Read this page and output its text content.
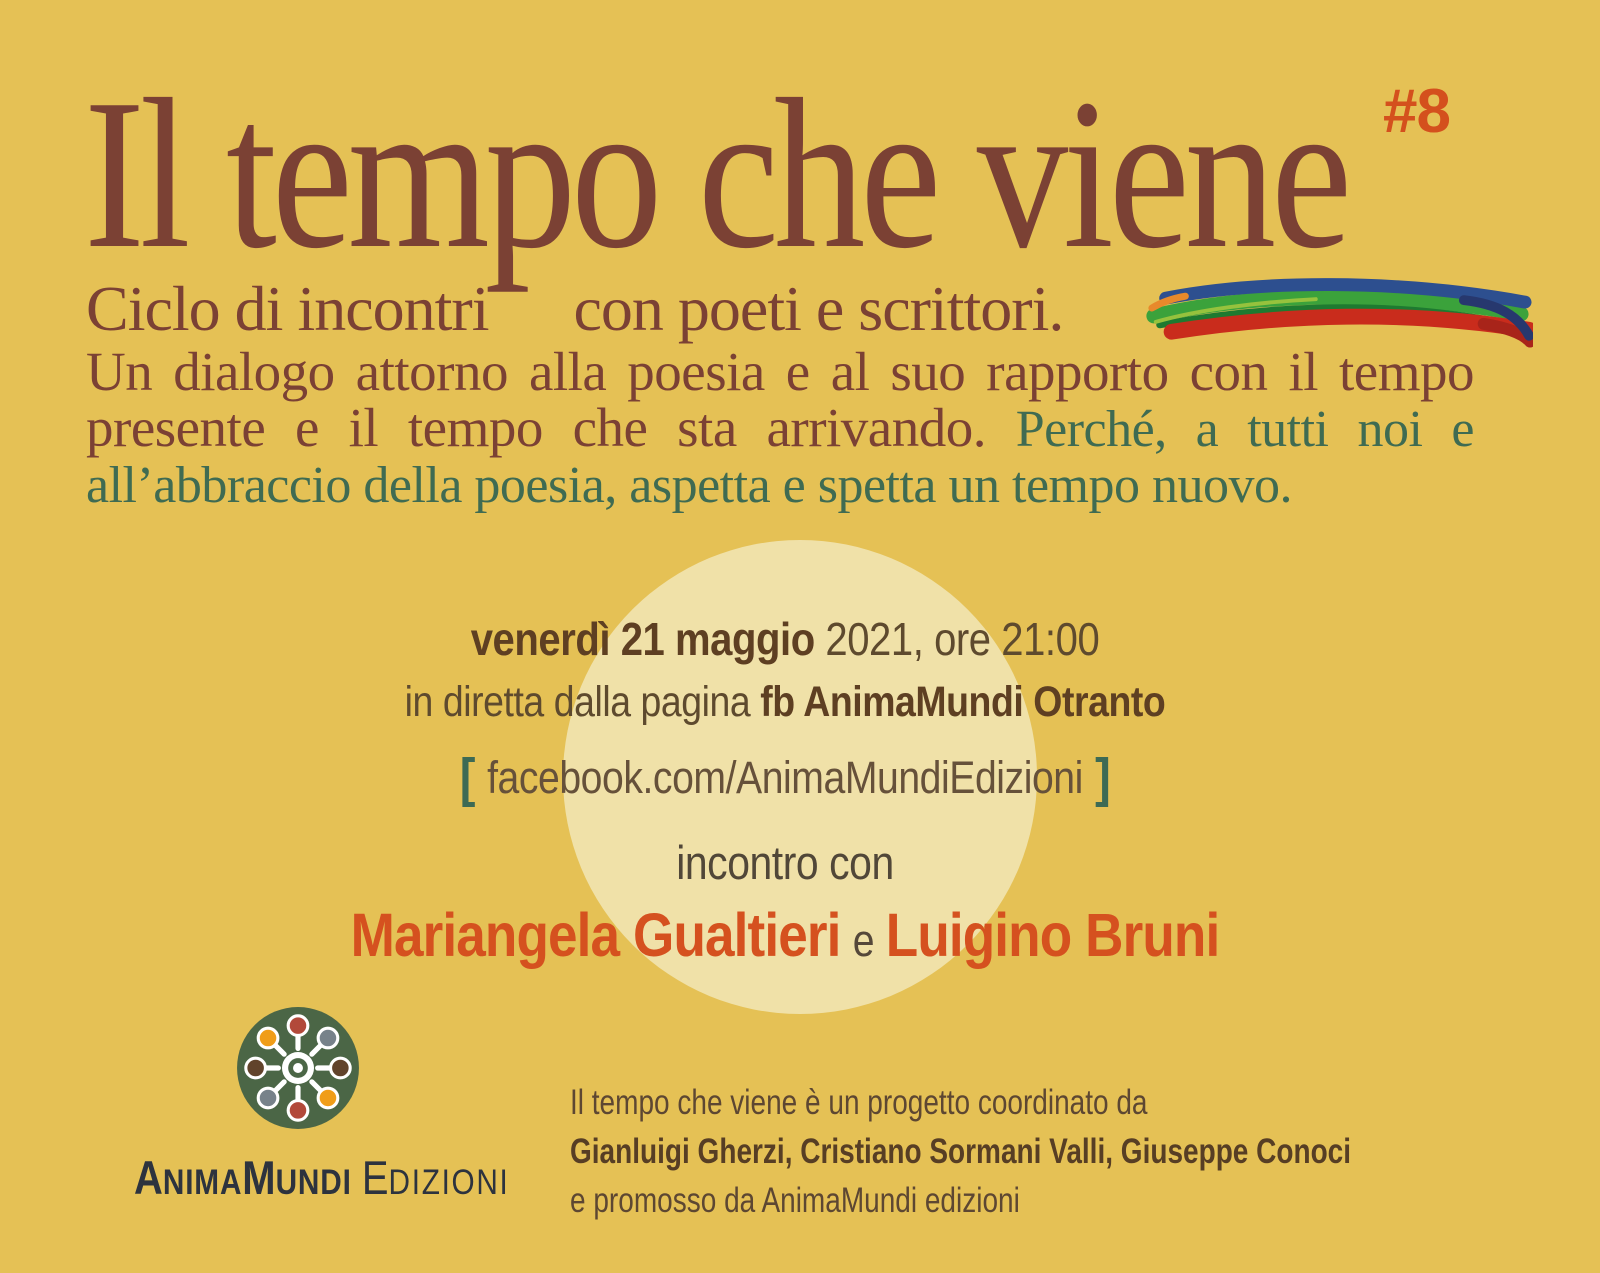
Il tempo che viene #8
Ciclo di incontri con poeti e scrittori.

Un dialogo attorno alla poesia e al suo rapporto con il tempo presente e il tempo che sta arrivando. Perché, a tutti noi e all’abbraccio della poesia, aspetta e spetta un tempo nuovo.

venerdì 21 maggio 2021, ore 21:00
in diretta dalla pagina fb AnimaMundi Otranto
[ facebook.com/AnimaMundiEdizioni ]
incontro con
Mariangela Gualtieri e Luigino Bruni
ANIMAMUNDI EDIZIONI
Il tempo che viene è un progetto coordinato da
Gianluigi Gherzi, Cristiano Sormani Valli, Giuseppe Conoci
e promosso da AnimaMundi edizioni
